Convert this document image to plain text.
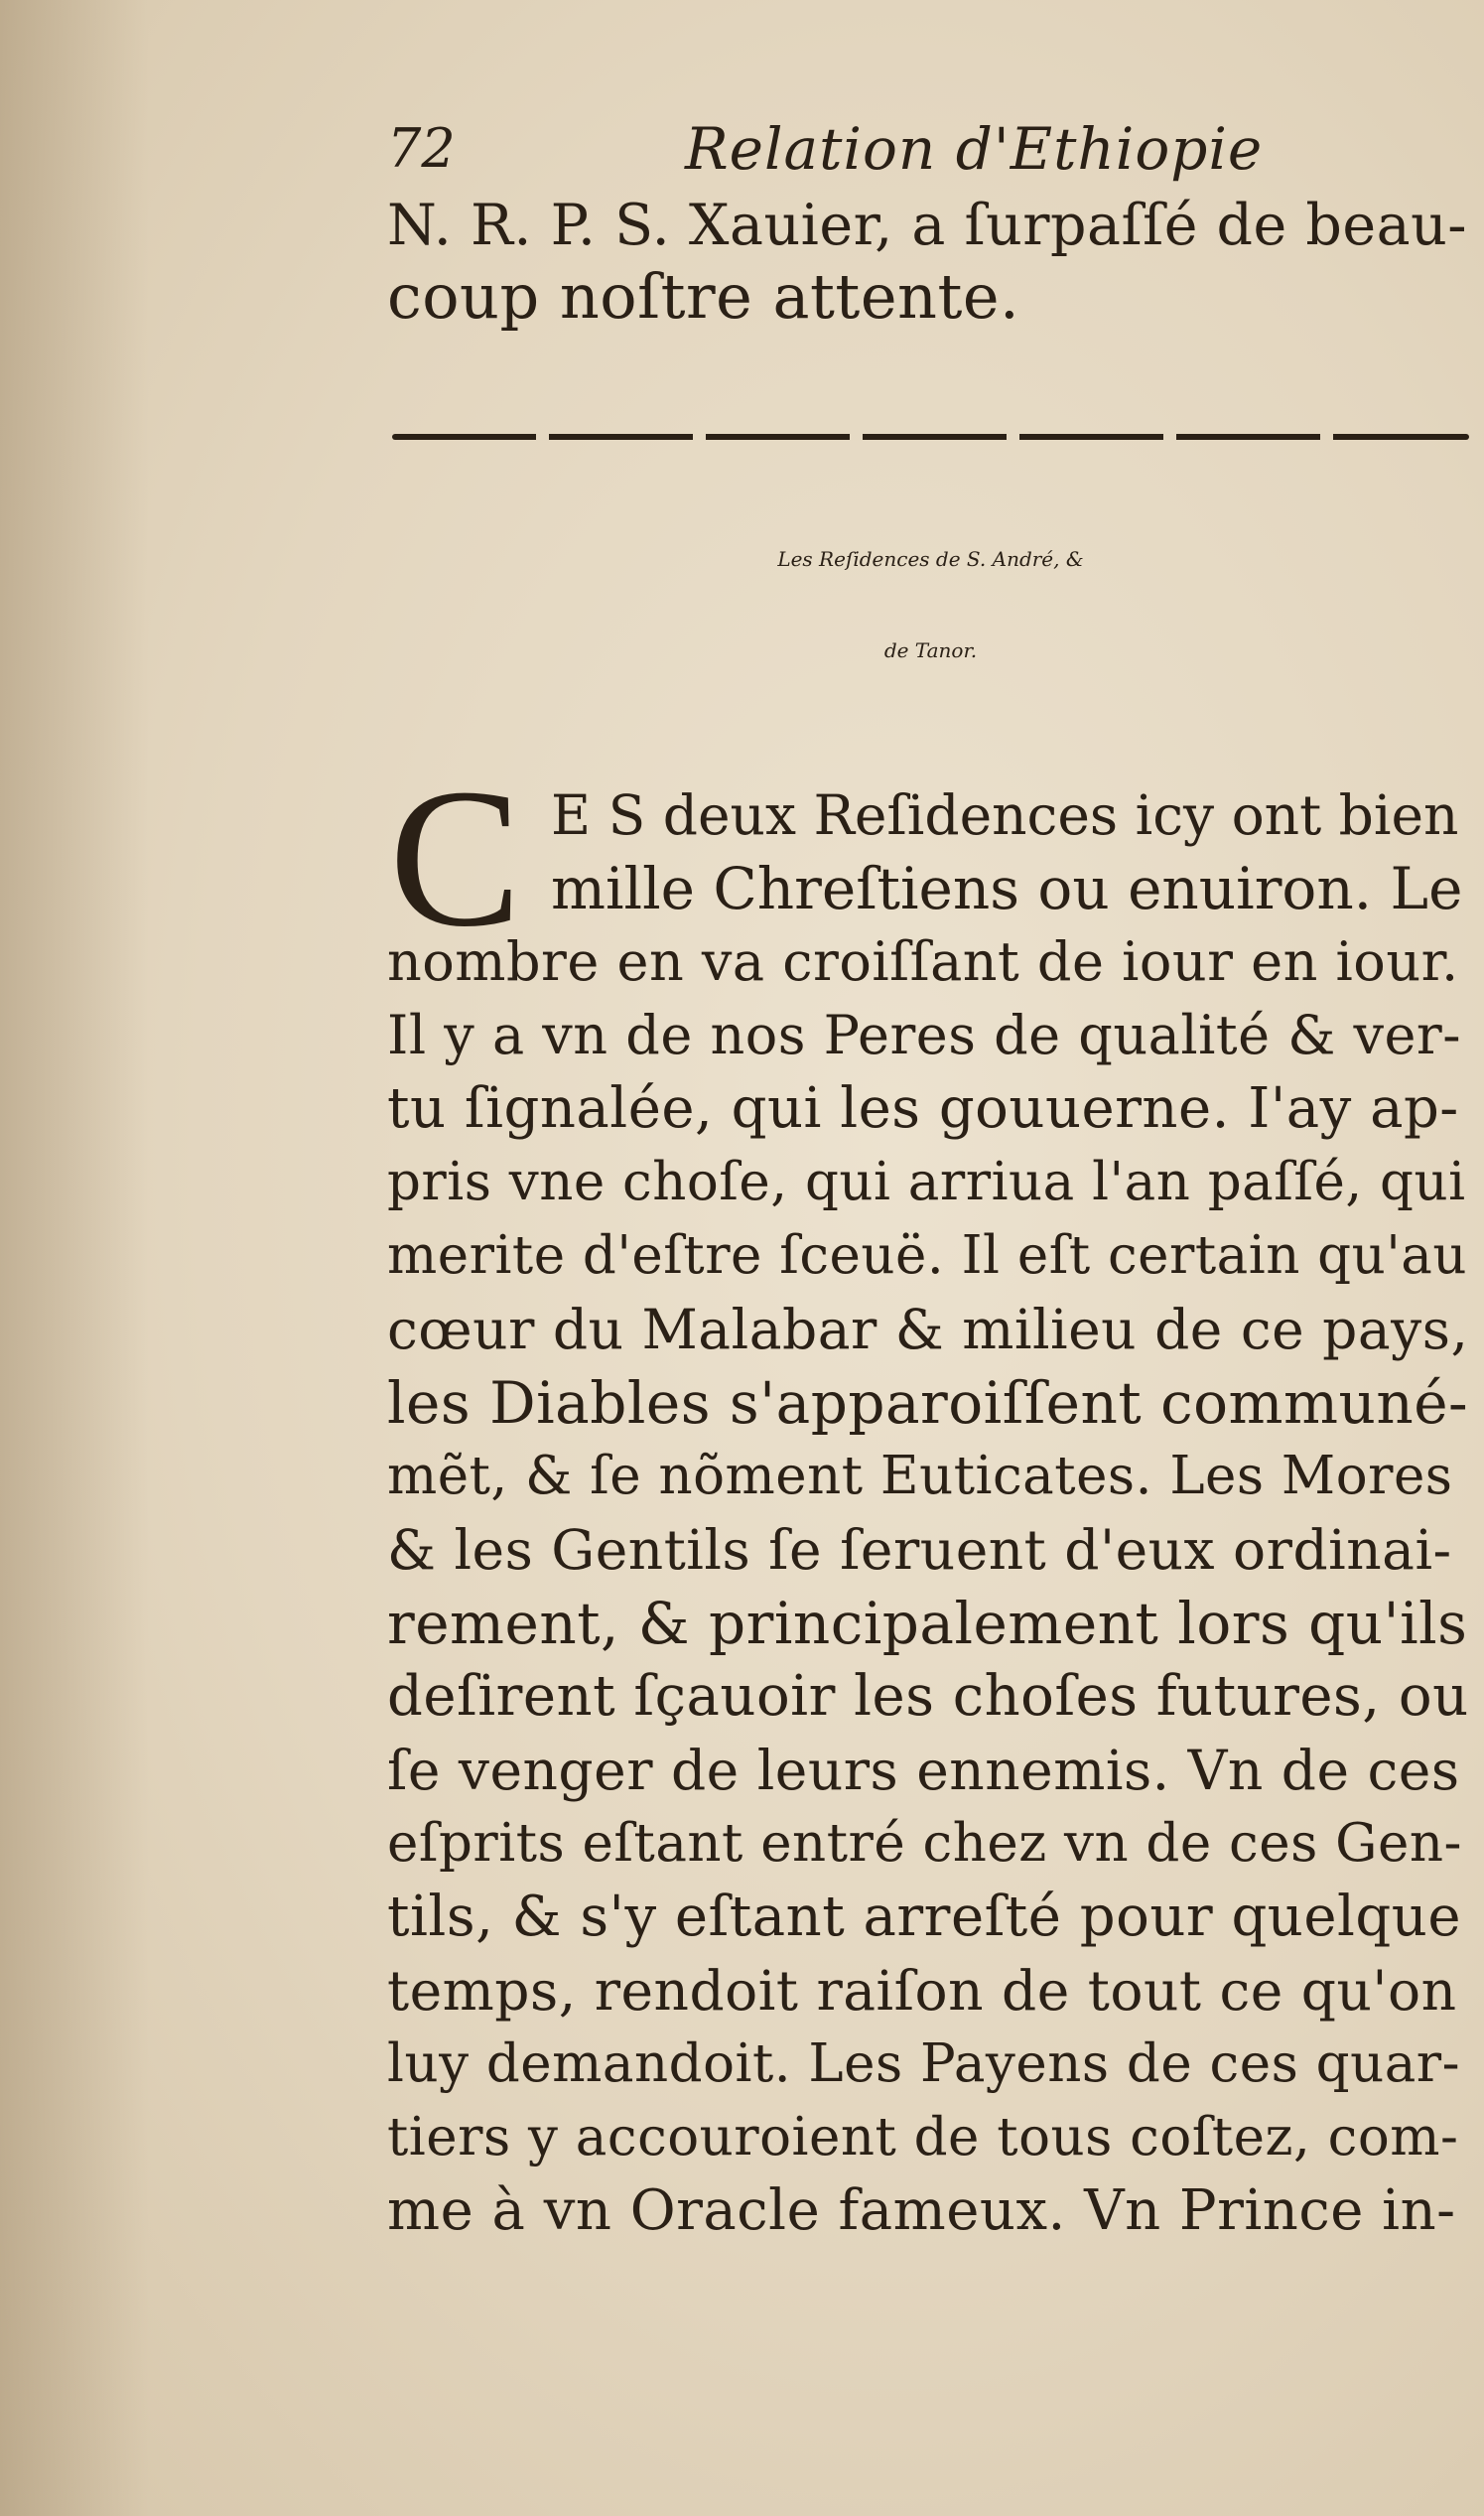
72	Relation d'Ethiopie
N. R. P. S. Xauier, a ſurpaſſé de beau-
coup noſtre attente.
Les Reſidences de S. André, &
de Tanor.
C E S deux Reſidences icy ont bien
mille Chreſtiens ou enuiron. Le
nombre en va croiſſant de iour en iour.
Il y a vn de nos Peres de qualité & ver-
tu ſignalée, qui les gouuerne. I'ay ap-
pris vne choſe, qui arriua l'an paſſé, qui
merite d'eſtre ſceuë. Il eſt certain qu'au
cœur du Malabar & milieu de ce pays,
les Diables s'apparoiſſent communé-
mẽt, & ſe nõment Euticates. Les Mores
& les Gentils ſe ſeruent d'eux ordinai-
rement, & principalement lors qu'ils
deſirent ſçauoir les choſes futures, ou
ſe venger de leurs ennemis. Vn de ces
eſprits eſtant entré chez vn de ces Gen-
tils, & s'y eſtant arreſté pour quelque
temps, rendoit raiſon de tout ce qu'on
luy demandoit. Les Payens de ces quar-
tiers y accouroient de tous coſtez, com-
me à vn Oracle fameux. Vn Prince in-
